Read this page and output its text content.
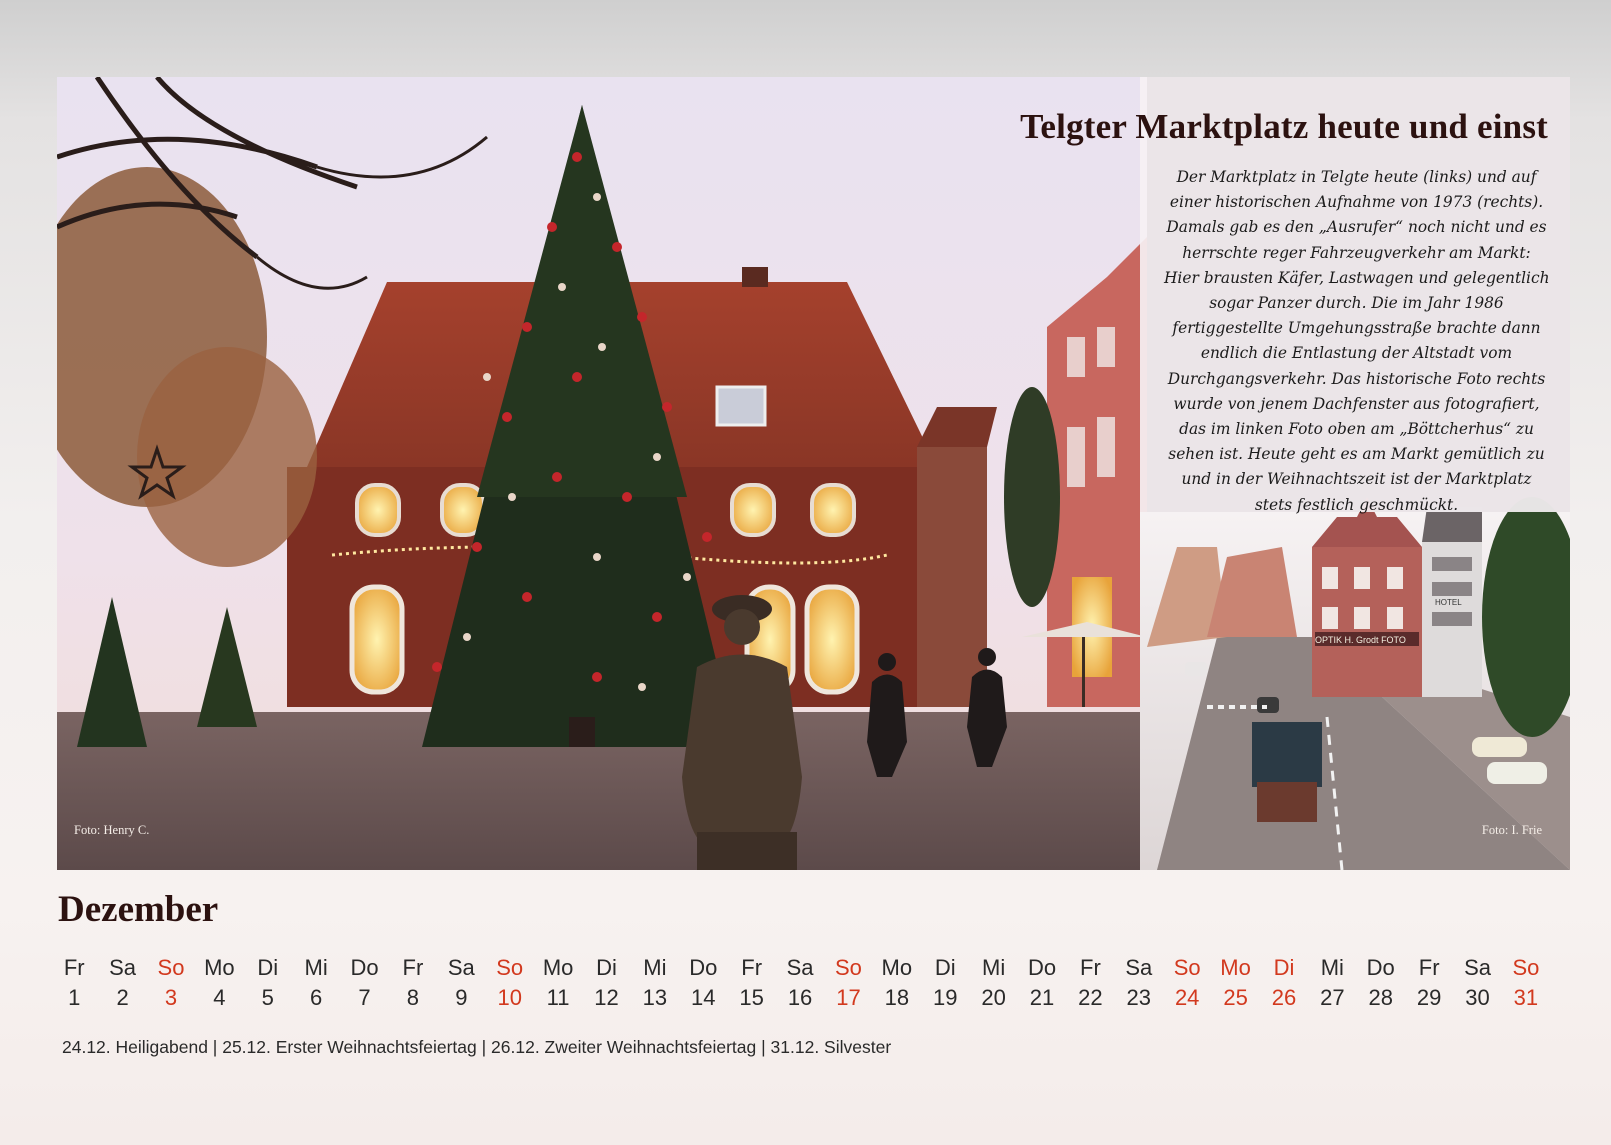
OPTIK H. Grodt FOTO
HOTEL
Telgter Marktplatz heute und einst
Der Marktplatz in Telgte heute (links) und auf
einer historischen Aufnahme von 1973 (rechts).
Damals gab es den „Ausrufer“ noch nicht und es
herrschte reger Fahrzeugverkehr am Markt:
Hier brausten Käfer, Lastwagen und gelegentlich
sogar Panzer durch. Die im Jahr 1986
fertiggestellte Umgehungsstraße brachte dann
endlich die Entlastung der Altstadt vom
Durchgangsverkehr. Das historische Foto rechts
wurde von jenem Dachfenster aus fotografiert,
das im linken Foto oben am „Böttcherhus“ zu
sehen ist. Heute geht es am Markt gemütlich zu
und in der Weihnachtszeit ist der Marktplatz
stets festlich geschmückt.
Foto: Henry C.	Foto: I. Frie
Dezember
Fr
1
Sa
2
So
3
Mo
4
Di
5
Mi
6
Do
7
Fr
8
Sa
9
So
10
Mo
11
Di
12
Mi
13
Do
14
Fr
15
Sa
16
So
17
Mo
18
Di
19
Mi
20
Do
21
Fr
22
Sa
23
So
24
Mo
25
Di
26
Mi
27
Do
28
Fr
29
Sa
30
So
31

24.12. Heiligabend | 25.12. Erster Weihnachtsfeiertag | 26.12. Zweiter Weihnachtsfeiertag | 31.12. Silvester
